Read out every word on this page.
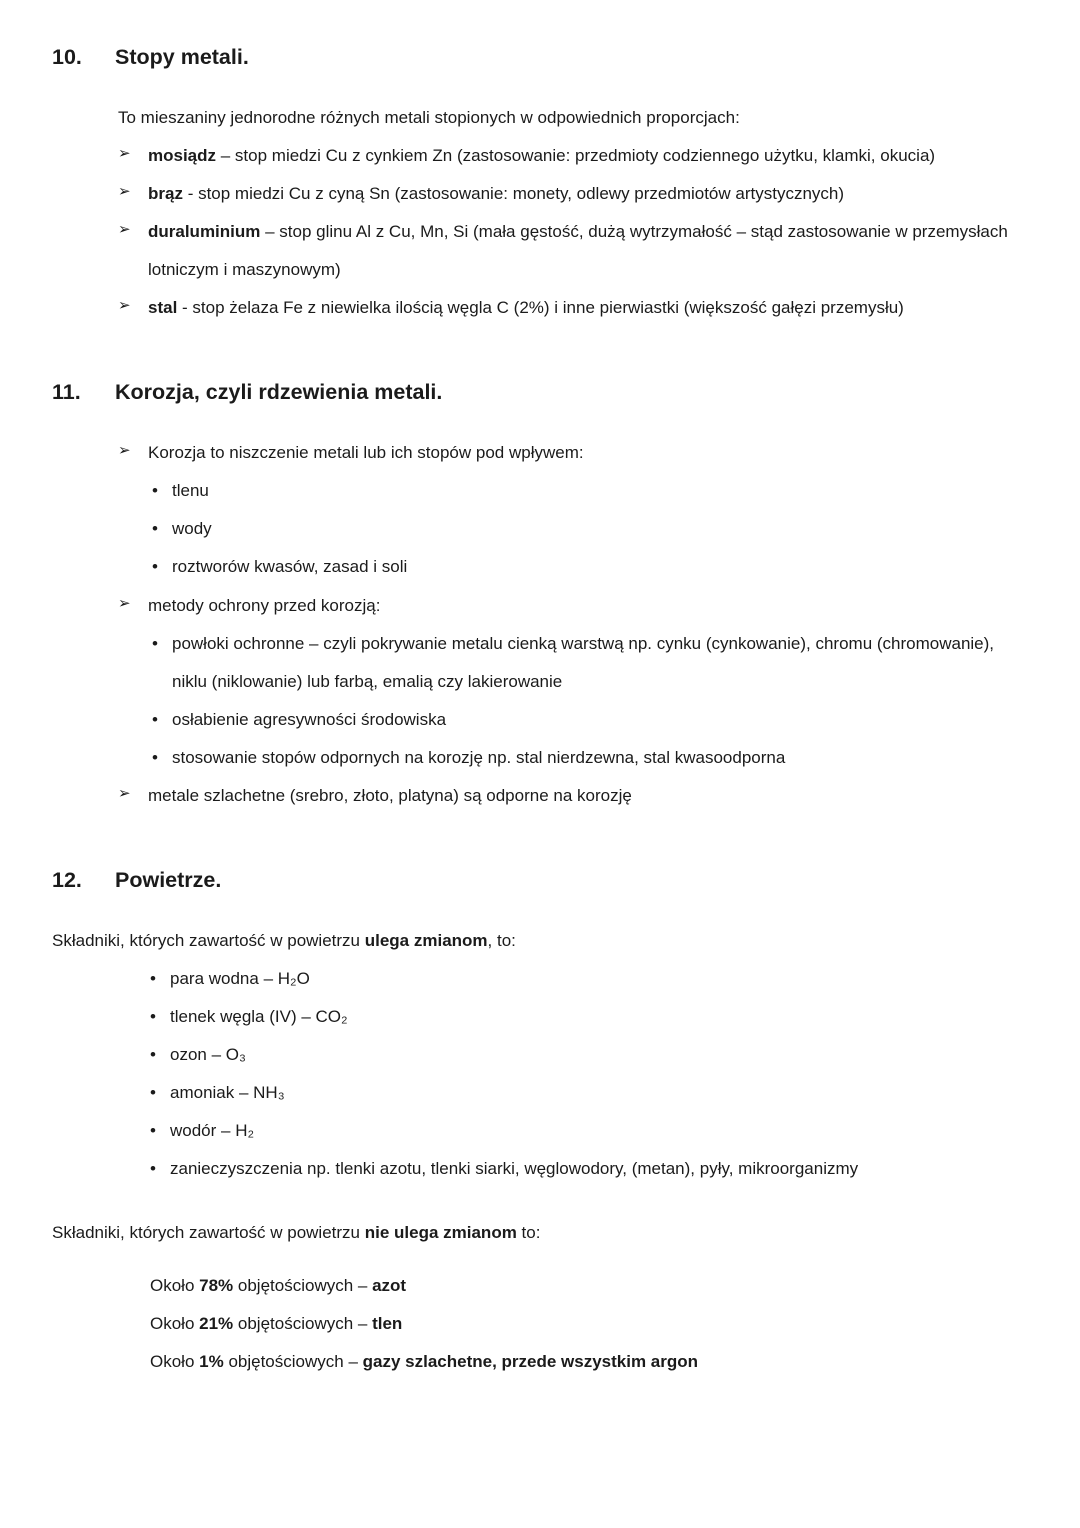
10.	Stopy metali.

To mieszaniny jednorodne różnych metali stopionych w odpowiednich proporcjach:

➢	mosiądz – stop miedzi Cu z cynkiem Zn (zastosowanie: przedmioty codziennego użytku, klamki, okucia)
➢	brąz - stop miedzi Cu z cyną Sn (zastosowanie: monety, odlewy przedmiotów artystycznych)
➢	duraluminium – stop glinu Al z Cu, Mn, Si (mała gęstość, dużą wytrzymałość – stąd zastosowanie w przemysłach lotniczym i maszynowym)
➢	stal - stop żelaza Fe z niewielka ilością węgla C (2%) i inne pierwiastki (większość gałęzi przemysłu)
11.	Korozja, czyli rdzewienia metali.
➢	Korozja to niszczenie metali lub ich stopów pod wpływem:
• tlenu
• wody
• roztworów kwasów, zasad i soli
➢	metody ochrony przed korozją:
• powłoki ochronne – czyli pokrywanie metalu cienką warstwą np. cynku (cynkowanie), chromu (chromowanie), niklu (niklowanie) lub farbą, emalią czy lakierowanie
• osłabienie agresywności środowiska
• stosowanie stopów odpornych na korozję np. stal nierdzewna, stal kwasoodporna
➢	metale szlachetne (srebro, złoto, platyna) są odporne na korozję
12.	Powietrze.

Składniki, których zawartość w powietrzu ulega zmianom, to:

• para wodna – H₂O
• tlenek węgla (IV) – CO₂
• ozon – O₃
• amoniak – NH₃
• wodór – H₂
• zanieczyszczenia np. tlenki azotu, tlenki siarki, węglowodory, (metan), pyły, mikroorganizmy

Składniki, których zawartość w powietrzu nie ulega zmianom to:

Około 78% objętościowych – azot
Około 21% objętościowych – tlen
Około 1% objętościowych – gazy szlachetne, przede wszystkim argon
